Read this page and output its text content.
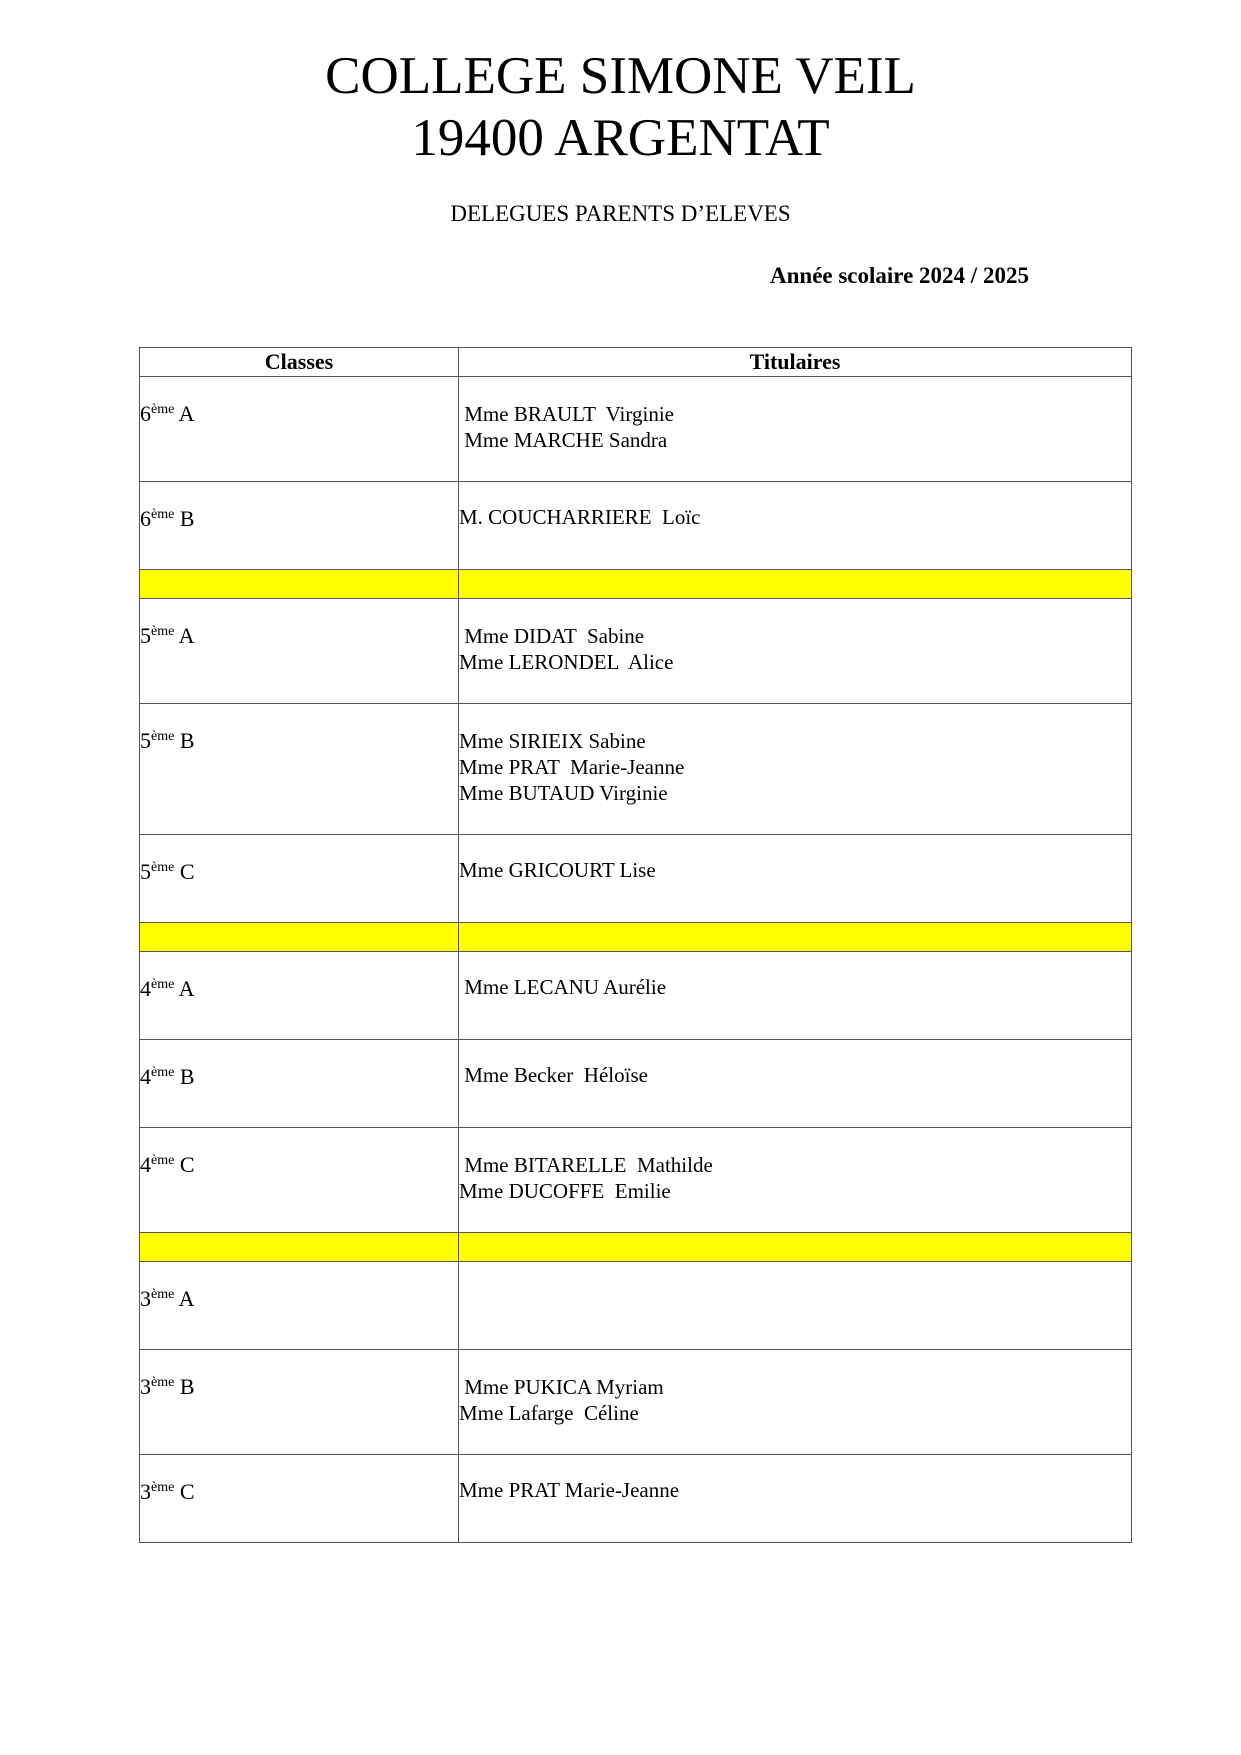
COLLEGE SIMONE VEIL
19400 ARGENTAT
DELEGUES PARENTS D’ELEVES
Année scolaire 2024 / 2025
Classes	Titulaires
6ème A	Mme BRAULT  Virginie
Mme MARCHE Sandra

6ème B	M. COUCHARRIERE  Loïc

5ème A	Mme DIDAT  Sabine
Mme LERONDEL  Alice

5ème B	Mme SIRIEIX Sabine
Mme PRAT  Marie-Jeanne
Mme BUTAUD Virginie

5ème C	Mme GRICOURT Lise

4ème A	Mme LECANU Aurélie

4ème B	Mme Becker  Héloïse

4ème C	Mme BITARELLE  Mathilde
Mme DUCOFFE  Emilie

3ème A	
3ème B	Mme PUKICA Myriam
Mme Lafarge  Céline

3ème C	Mme PRAT Marie-Jeanne
